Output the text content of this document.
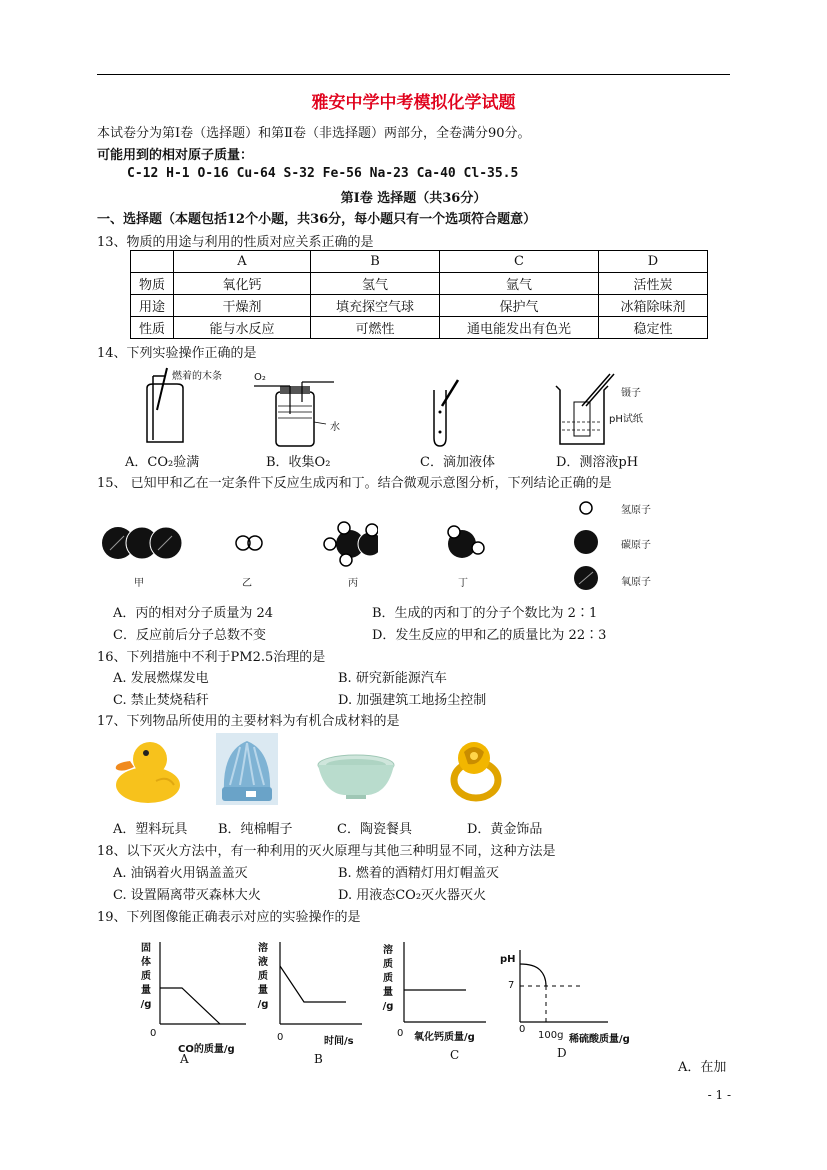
雅安中学中考模拟化学试题
本试卷分为第Ⅰ卷（选择题）和第Ⅱ卷（非选择题）两部分，全卷满分90分。
可能用到的相对原子质量：
C-12 H-1 O-16 Cu-64 S-32 Fe-56 Na-23 Ca-40 Cl-35.5
第Ⅰ卷 选择题（共36分）
一、选择题（本题包括12个小题，共36分，每小题只有一个选项符合题意）
13、物质的用途与利用的性质对应关系正确的是
	A	B	C	D
物质	氧化钙	氢气	氩气	活性炭
用途	干燥剂	填充探空气球	保护气	冰箱除味剂
性质	能与水反应	可燃性	通电能发出有色光	稳定性
14、下列实验操作正确的是
燃着的木条	O₂
水
镊子
pH试纸
A．CO₂验满	B．收集O₂	C．滴加液体	D．测溶液pH
15、 已知甲和乙在一定条件下反应生成丙和丁。结合微观示意图分析，下列结论正确的是
甲	乙	丙	丁
氢原子
碳原子
氧原子
A．丙的相对分子质量为 24	B．生成的丙和丁的分子个数比为 2∶1
C．反应前后分子总数不变	D．发生反应的甲和乙的质量比为 22∶3
16、下列措施中不利于PM2.5治理的是
A. 发展燃煤发电	B. 研究新能源汽车
C. 禁止焚烧秸秆	D. 加强建筑工地扬尘控制
17、下列物品所使用的主要材料为有机合成材料的是
A．塑料玩具 B．纯棉帽子	C．陶瓷餐具	D．黄金饰品
18、以下灭火方法中，有一种利用的灭火原理与其他三种明显不同，这种方法是
A. 油锅着火用锅盖盖灭	B. 燃着的酒精灯用灯帽盖灭
C. 设置隔离带灭森林大火	D. 用液态CO₂灭火器灭火
19、下列图像能正确表示对应的实验操作的是
固
体
质
量
/g
0
CO的质量/g
A
溶
液
质
量
/g
0	时间/s
B
溶
质
质
量
/g
0 氧化钙质量/g
C
pH
7
0
100g 稀硫酸质量/g
D
A．在加
- 1 -
